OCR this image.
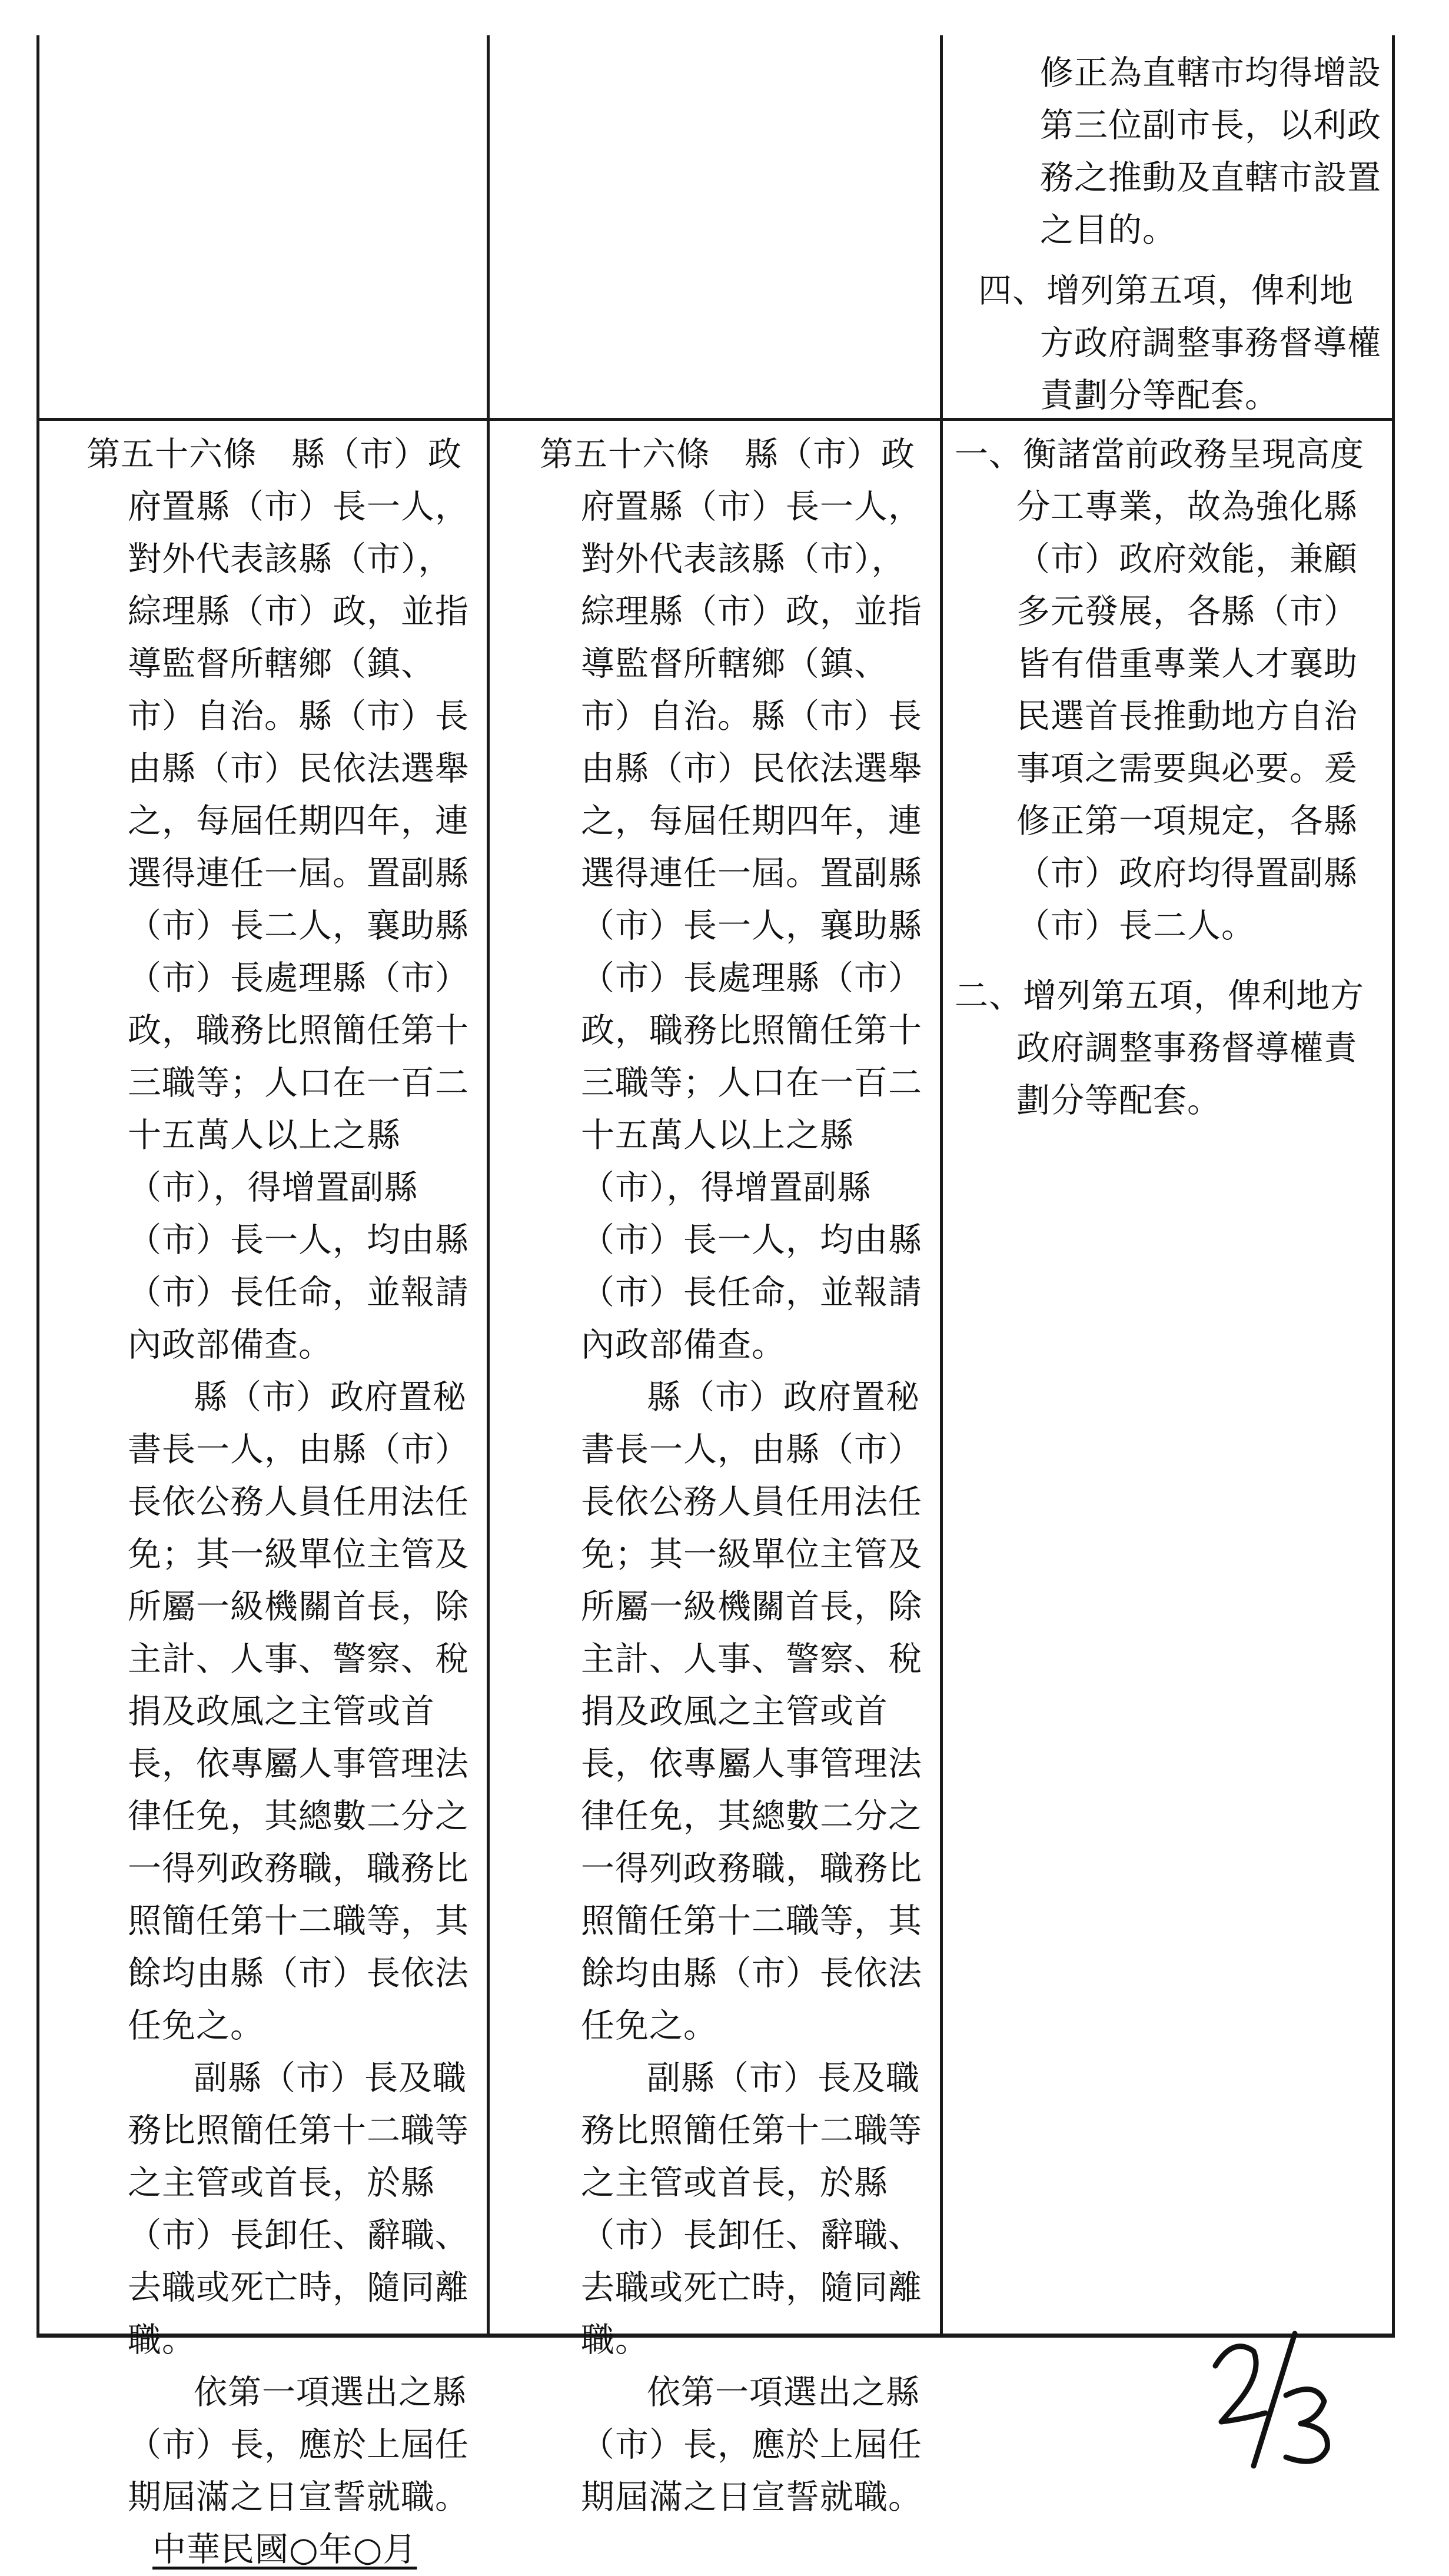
修正為直轄市均得增設第三位副市長，以利政務之推動及直轄市設置之目的。

四、增列第五項，俾利地方政府調整事務督導權責劃分等配套。

第五十六條　縣（市）政府置縣（市）長一人，對外代表該縣（市），綜理縣（市）政，並指導監督所轄鄉（鎮、市）自治。縣（市）長由縣（市）民依法選舉之，每屆任期四年，連選得連任一屆。置副縣（市）長二人，襄助縣（市）長處理縣（市）政，職務比照簡任第十三職等；人口在一百二十五萬人以上之縣（市），得增置副縣（市）長一人，均由縣（市）長任命，並報請內政部備查。

縣（市）政府置秘書長一人，由縣（市）長依公務人員任用法任免；其一級單位主管及所屬一級機關首長，除主計、人事、警察、稅捐及政風之主管或首長，依專屬人事管理法律任免，其總數二分之一得列政務職，職務比照簡任第十二職等，其餘均由縣（市）長依法任免之。

副縣（市）長及職務比照簡任第十二職等之主管或首長，於縣（市）長卸任、辭職、去職或死亡時，隨同離職。

依第一項選出之縣（市）長，應於上屆任期屆滿之日宣誓就職。

中華民國○年○月

第五十六條　縣（市）政府置縣（市）長一人，對外代表該縣（市），綜理縣（市）政，並指導監督所轄鄉（鎮、市）自治。縣（市）長由縣（市）民依法選舉之，每屆任期四年，連選得連任一屆。置副縣（市）長一人，襄助縣（市）長處理縣（市）政，職務比照簡任第十三職等；人口在一百二十五萬人以上之縣（市），得增置副縣（市）長一人，均由縣（市）長任命，並報請內政部備查。

縣（市）政府置秘書長一人，由縣（市）長依公務人員任用法任免；其一級單位主管及所屬一級機關首長，除主計、人事、警察、稅捐及政風之主管或首長，依專屬人事管理法律任免，其總數二分之一得列政務職，職務比照簡任第十二職等，其餘均由縣（市）長依法任免之。

副縣（市）長及職務比照簡任第十二職等之主管或首長，於縣（市）長卸任、辭職、去職或死亡時，隨同離職。

依第一項選出之縣（市）長，應於上屆任期屆滿之日宣誓就職。

一、衡諸當前政務呈現高度分工專業，故為強化縣（市）政府效能，兼顧多元發展，各縣（市）皆有借重專業人才襄助民選首長推動地方自治事項之需要與必要。爰修正第一項規定，各縣（市）政府均得置副縣（市）長二人。

二、增列第五項，俾利地方政府調整事務督導權責劃分等配套。
